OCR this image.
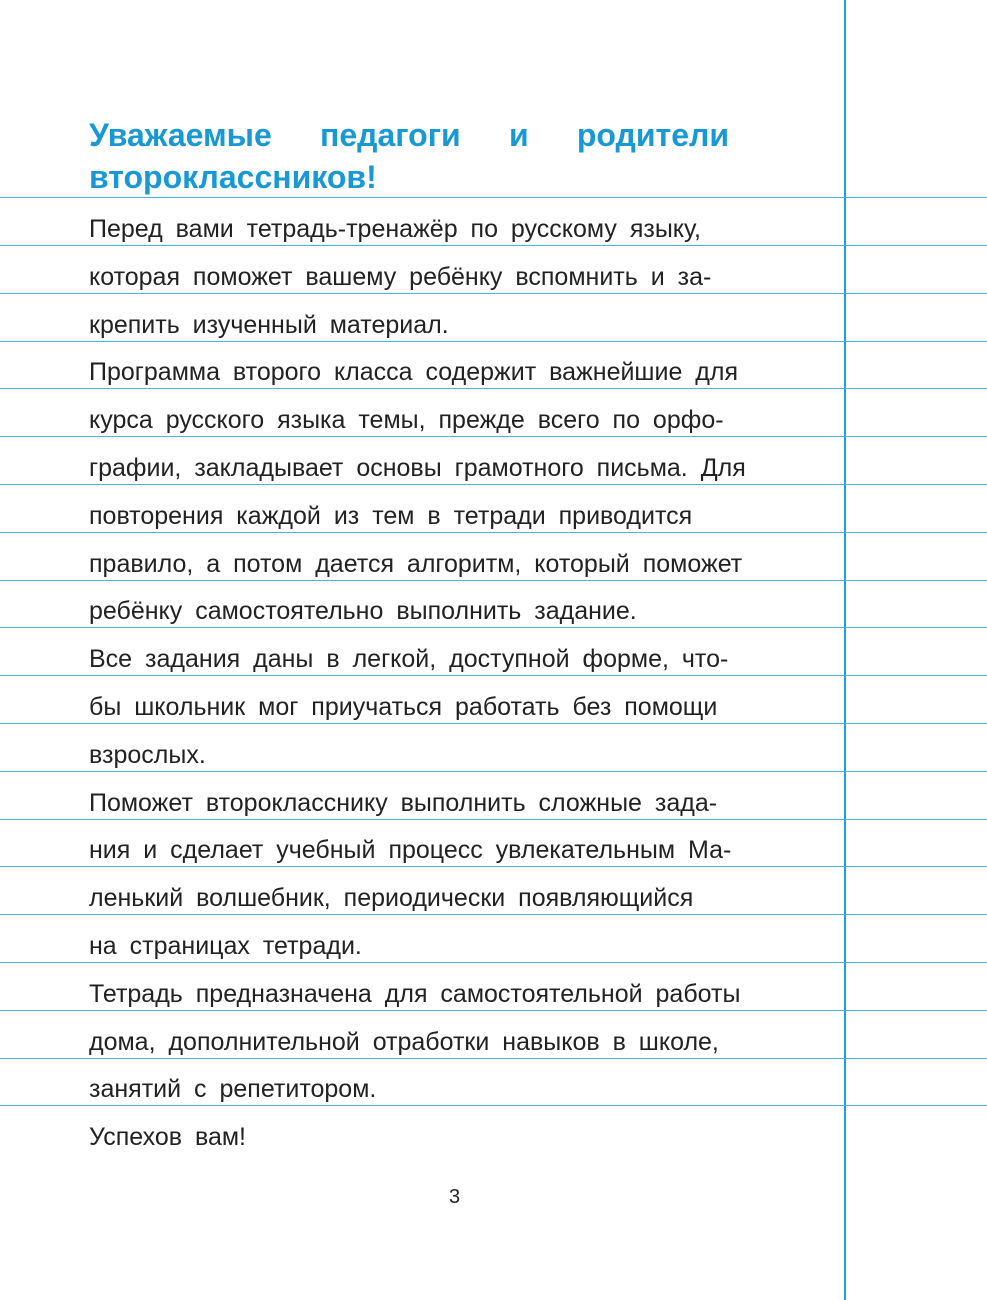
Уважаемые педагоги и родители
второклассников!
Перед вами тетрадь-тренажёр по русскому языку,
которая поможет вашему ребёнку вспомнить и за-
крепить изученный материал.
Программа второго класса содержит важнейшие для
курса русского языка темы, прежде всего по орфо-
графии, закладывает основы грамотного письма. Для
повторения каждой из тем в тетради приводится
правило, а потом дается алгоритм, который поможет
ребёнку самостоятельно выполнить задание.
Все задания даны в легкой, доступной форме, что-
бы школьник мог приучаться работать без помощи
взрослых.
Поможет второкласснику выполнить сложные зада-
ния и сделает учебный процесс увлекательным Ма-
ленький волшебник, периодически появляющийся
на страницах тетради.
Тетрадь предназначена для самостоятельной работы
дома, дополнительной отработки навыков в школе,
занятий с репетитором.
Успехов вам!
3
